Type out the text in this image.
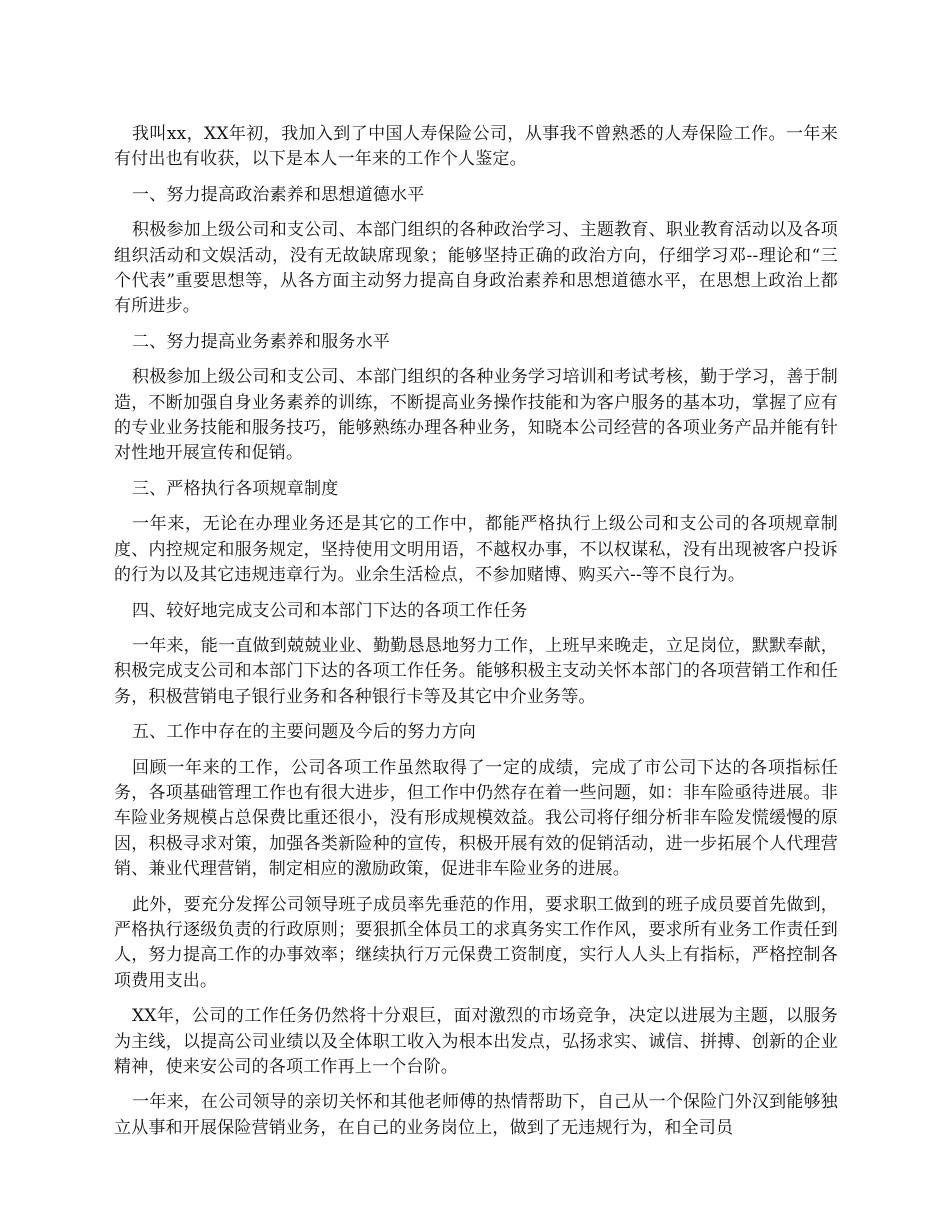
我叫xx，XX年初，我加入到了中国人寿保险公司，从事我不曾熟悉的人寿保险工作。一年来有付出也有收获，以下是本人一年来的工作个人鉴定。

一、努力提高政治素养和思想道德水平

积极参加上级公司和支公司、本部门组织的各种政治学习、主题教育、职业教育活动以及各项组织活动和文娱活动，没有无故缺席现象；能够坚持正确的政治方向，仔细学习邓--理论和“三个代表”重要思想等，从各方面主动努力提高自身政治素养和思想道德水平，在思想上政治上都有所进步。

二、努力提高业务素养和服务水平

积极参加上级公司和支公司、本部门组织的各种业务学习培训和考试考核，勤于学习，善于制造，不断加强自身业务素养的训练，不断提高业务操作技能和为客户服务的基本功，掌握了应有的专业业务技能和服务技巧，能够熟练办理各种业务，知晓本公司经营的各项业务产品并能有针对性地开展宣传和促销。

三、严格执行各项规章制度

一年来，无论在办理业务还是其它的工作中，都能严格执行上级公司和支公司的各项规章制度、内控规定和服务规定，坚持使用文明用语，不越权办事，不以权谋私，没有出现被客户投诉的行为以及其它违规违章行为。业余生活检点，不参加赌博、购买六--等不良行为。

四、较好地完成支公司和本部门下达的各项工作任务

一年来，能一直做到兢兢业业、勤勤恳恳地努力工作，上班早来晚走，立足岗位，默默奉献，积极完成支公司和本部门下达的各项工作任务。能够积极主支动关怀本部门的各项营销工作和任务，积极营销电子银行业务和各种银行卡等及其它中介业务等。

五、工作中存在的主要问题及今后的努力方向

回顾一年来的工作，公司各项工作虽然取得了一定的成绩，完成了市公司下达的各项指标任务，各项基础管理工作也有很大进步，但工作中仍然存在着一些问题，如：非车险亟待进展。非车险业务规模占总保费比重还很小，没有形成规模效益。我公司将仔细分析非车险发慌缓慢的原因，积极寻求对策，加强各类新险种的宣传，积极开展有效的促销活动，进一步拓展个人代理营销、兼业代理营销，制定相应的激励政策，促进非车险业务的进展。

此外，要充分发挥公司领导班子成员率先垂范的作用，要求职工做到的班子成员要首先做到，严格执行逐级负责的行政原则；要狠抓全体员工的求真务实工作作风，要求所有业务工作责任到人，努力提高工作的办事效率；继续执行万元保费工资制度，实行人人头上有指标，严格控制各项费用支出。

XX年，公司的工作任务仍然将十分艰巨，面对激烈的市场竞争，决定以进展为主题，以服务为主线，以提高公司业绩以及全体职工收入为根本出发点，弘扬求实、诚信、拼搏、创新的企业精神，使来安公司的各项工作再上一个台阶。

一年来，在公司领导的亲切关怀和其他老师傅的热情帮助下，自己从一个保险门外汉到能够独立从事和开展保险营销业务，在自己的业务岗位上，做到了无违规行为，和全司员
